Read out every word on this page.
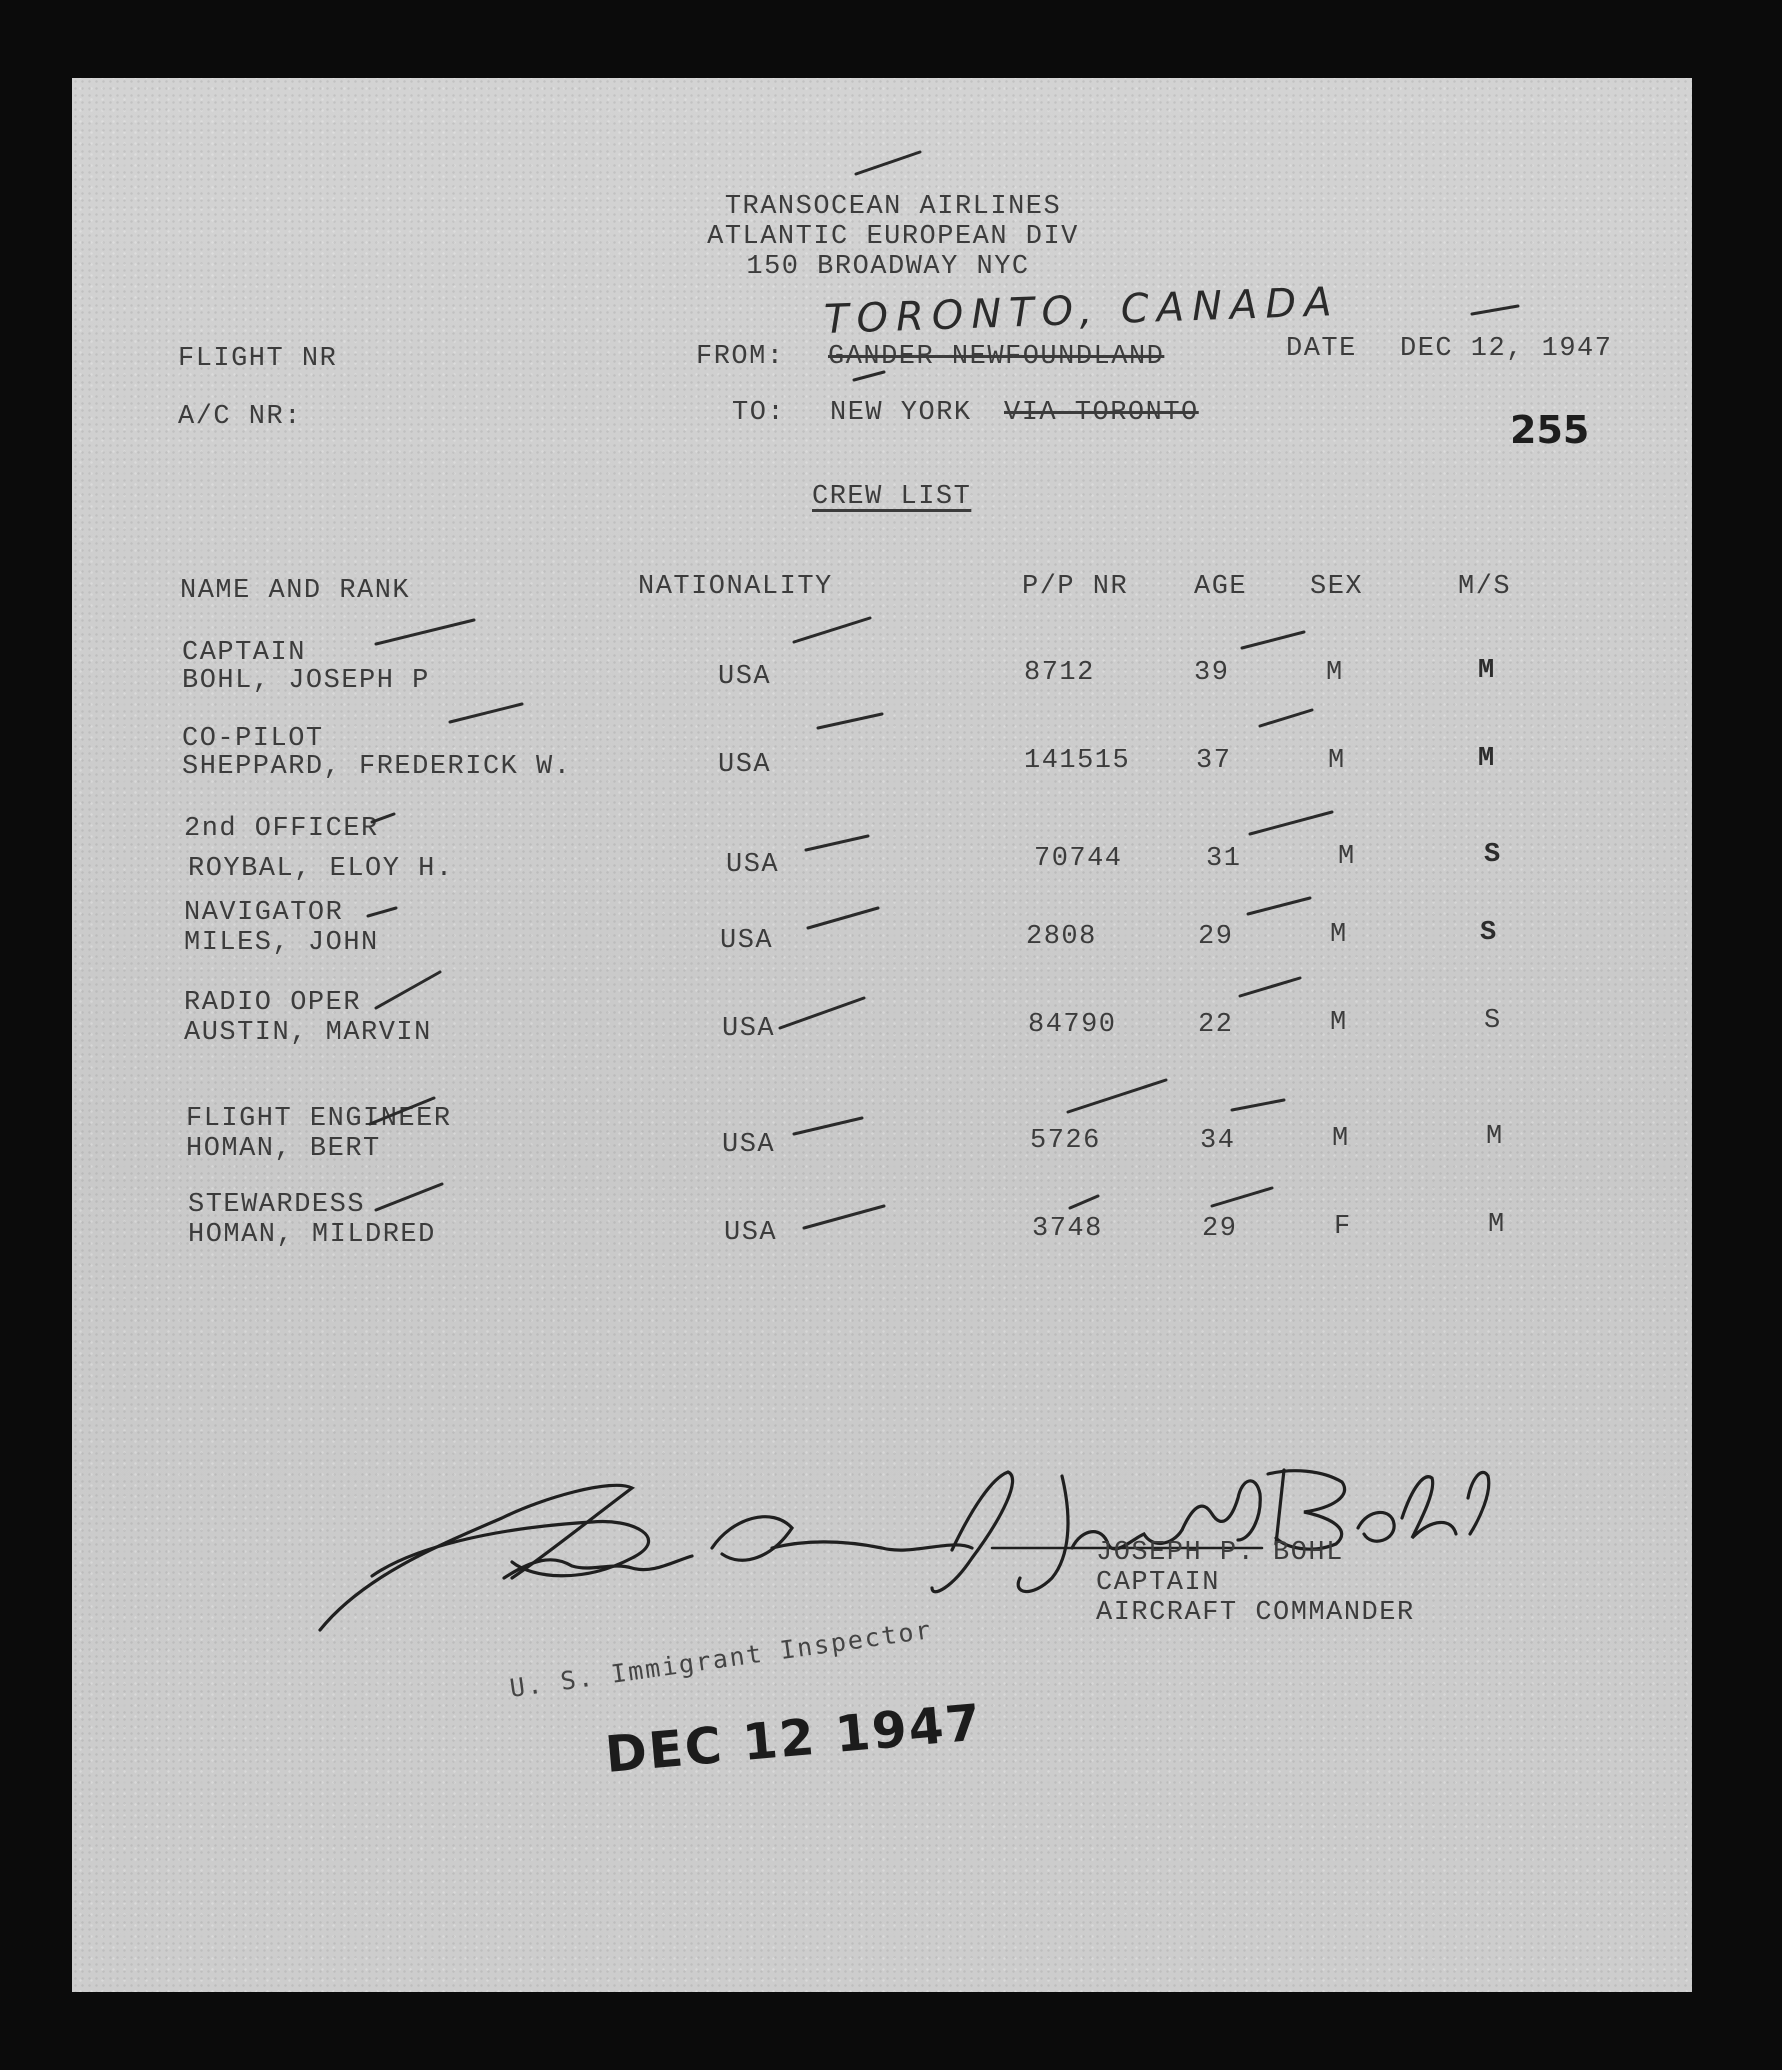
TRANSOCEAN AIRLINES
ATLANTIC EUROPEAN DIV
150 BROADWAY NYC
FLIGHT NR
A/C NR:
FROM:
TORONTO, CANADA
GANDER NEWFOUNDLAND
TO: NEW YORK VIA TORONTO
DATE DEC 12, 1947
255
CREW LIST
NAME AND RANK	NATIONALITY	P/P NR AGE SEX	M/S
CAPTAIN
BOHL, JOSEPH P	USA	8712	39	M	M
CO-PILOT
SHEPPARD, FREDERICK W.	USA	141515 37	M	M
2nd OFFICER
ROYBAL, ELOY H.	USA	70744	31	M	S
NAVIGATOR
MILES, JOHN	USA	2808	29	M	S
RADIO OPER
AUSTIN, MARVIN	USA	84790	22	M	S
FLIGHT ENGINEER
HOMAN, BERT	USA	5726	34	M	M
STEWARDESS
HOMAN, MILDRED	USA	3748	29	F	M
JOSEPH P. BOHL
CAPTAIN
AIRCRAFT COMMANDER
U. S. Immigrant Inspector
DEC 12 1947
